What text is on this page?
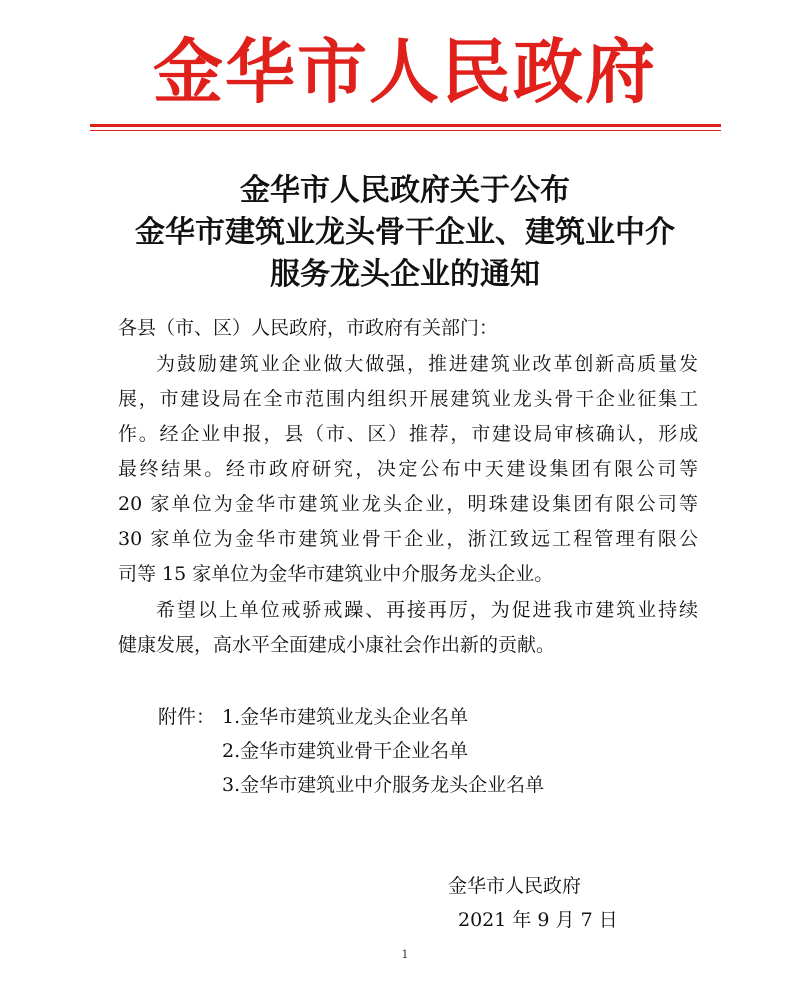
金华市人民政府
金华市人民政府关于公布
金华市建筑业龙头骨干企业、建筑业中介
服务龙头企业的通知
各县（市、区）人民政府，市政府有关部门：
为鼓励建筑业企业做大做强，推进建筑业改革创新高质量发
展，市建设局在全市范围内组织开展建筑业龙头骨干企业征集工
作。经企业申报，县（市、区）推荐，市建设局审核确认，形成
最终结果。经市政府研究，决定公布中天建设集团有限公司等
20 家单位为金华市建筑业龙头企业，明珠建设集团有限公司等
30 家单位为金华市建筑业骨干企业，浙江致远工程管理有限公
司等 15 家单位为金华市建筑业中介服务龙头企业。
希望以上单位戒骄戒躁、再接再厉，为促进我市建筑业持续
健康发展，高水平全面建成小康社会作出新的贡献。
附件： 1.金华市建筑业龙头企业名单
2.金华市建筑业骨干企业名单
3.金华市建筑业中介服务龙头企业名单
金华市人民政府
2021 年 9 月 7 日
1
